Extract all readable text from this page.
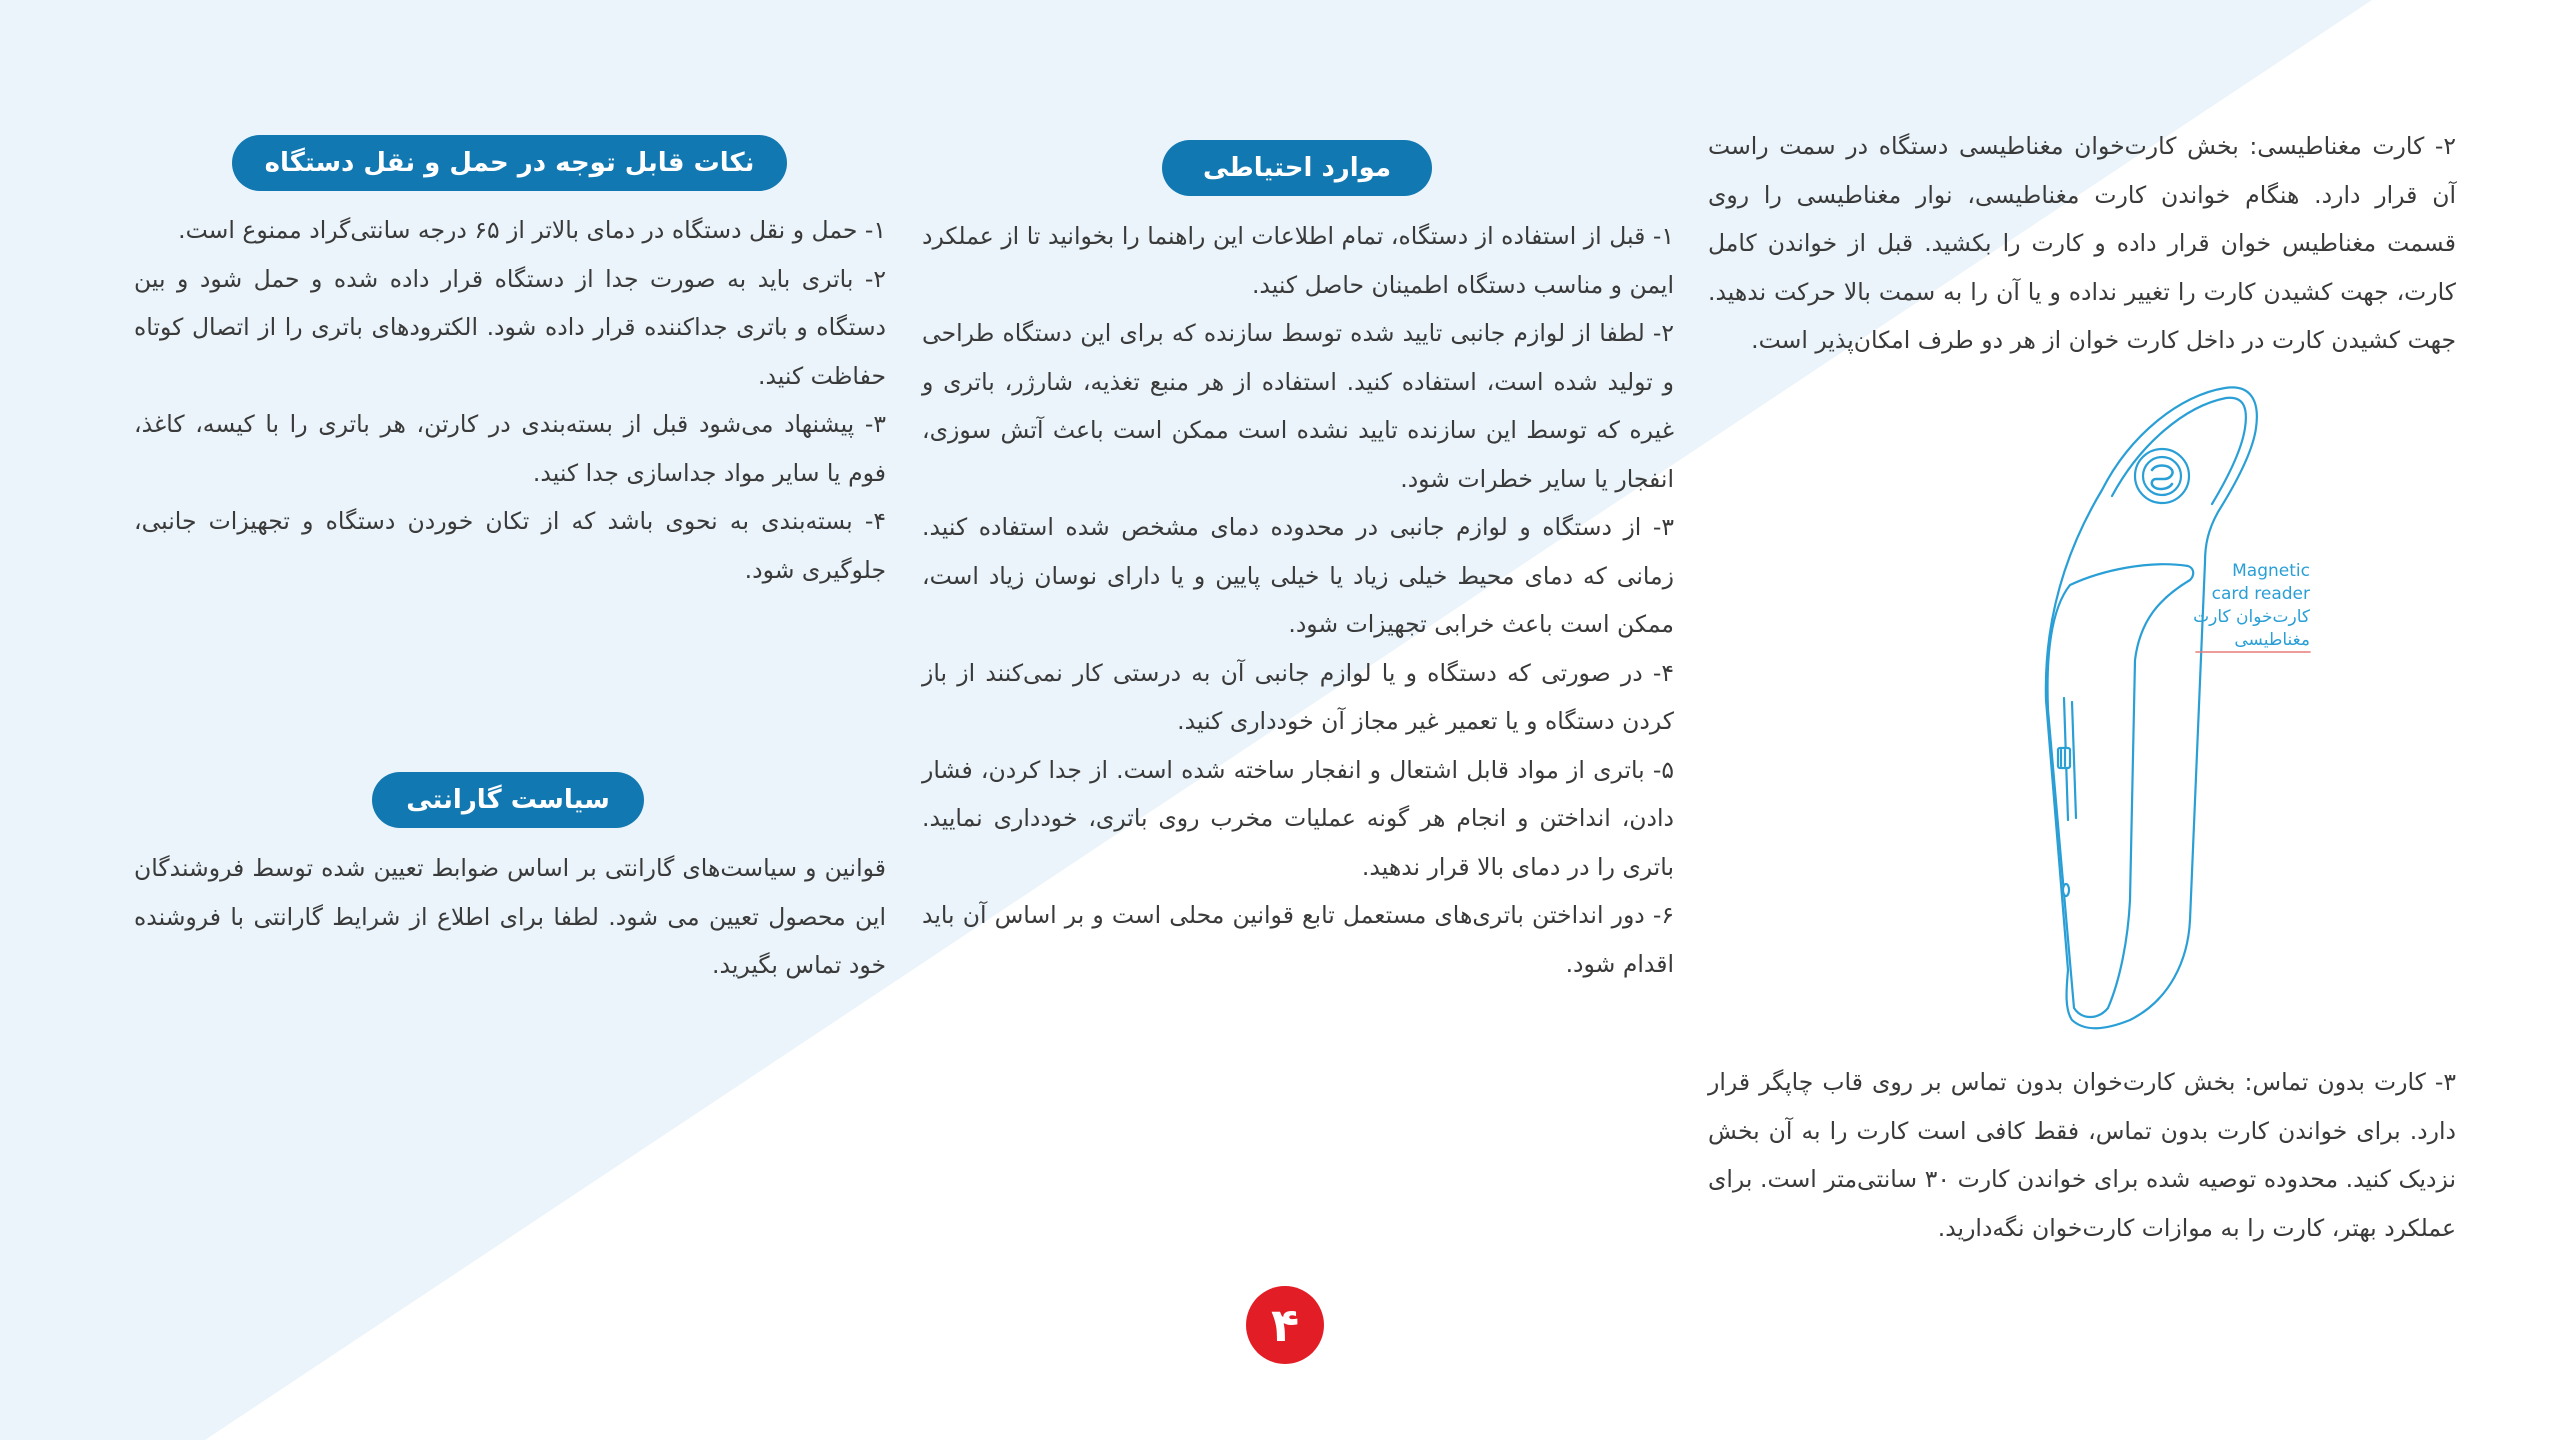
۲- کارت مغناطیسی: بخش کارت‌خوان مغناطیسی دستگاه در سمت راست آن قرار دارد. هنگام خواندن کارت مغناطیسی، نوار مغناطیسی را روی قسمت مغناطیس خوان قرار داده و کارت را بکشید. قبل از خواندن کامل کارت، جهت کشیدن کارت را تغییر نداده و یا آن را به سمت بالا حرکت ندهید. جهت کشیدن کارت در داخل کارت خوان از هر دو طرف امکان‌پذیر است.

Magnetic
card reader
کارت‌خوان کارت
مغناطیسی

۳- کارت بدون تماس: بخش کارت‌خوان بدون تماس بر روی قاب چاپگر قرار دارد. برای خواندن کارت بدون تماس، فقط کافی است کارت را به آن بخش نزدیک کنید. محدوده توصیه شده برای خواندن کارت ۳۰ سانتی‌متر است. برای عملکرد بهتر، کارت را به موازات کارت‌خوان نگه‌دارید.

موارد احتیاطی

۱- قبل از استفاده از دستگاه، تمام اطلاعات این راهنما را بخوانید تا از عملکرد ایمن و مناسب دستگاه اطمینان حاصل کنید.

۲- لطفا از لوازم جانبی تایید شده توسط سازنده که برای این دستگاه طراحی و تولید شده است، استفاده کنید. استفاده از هر منبع تغذیه، شارژر، باتری و غیره که توسط این سازنده تایید نشده است ممکن است باعث آتش سوزی، انفجار یا سایر خطرات شود.

۳- از دستگاه و لوازم جانبی در محدوده دمای مشخص شده استفاده کنید. زمانی که دمای محیط خیلی زیاد یا خیلی پایین و یا دارای نوسان زیاد است، ممکن است باعث خرابی تجهیزات شود.

۴- در صورتی که دستگاه و یا لوازم جانبی آن به درستی کار نمی‌کنند از باز کردن دستگاه و یا تعمیر غیر مجاز آن خودداری کنید.

۵- باتری از مواد قابل اشتعال و انفجار ساخته شده است. از جدا کردن، فشار دادن، انداختن و انجام هر گونه عملیات مخرب روی باتری، خودداری نمایید. باتری را در دمای بالا قرار ندهید.

۶- دور انداختن باتری‌های مستعمل تابع قوانین محلی است و بر اساس آن باید اقدام شود.

نکات قابل توجه در حمل و نقل دستگاه

۱- حمل و نقل دستگاه در دمای بالاتر از ۶۵ درجه سانتی‌گراد ممنوع است.

۲- باتری باید به صورت جدا از دستگاه قرار داده شده و حمل شود و بین دستگاه و باتری جداکننده قرار داده شود. الکترودهای باتری را از اتصال کوتاه حفاظت کنید.

۳- پیشنهاد می‌شود قبل از بسته‌بندی در کارتن، هر باتری را با کیسه، کاغذ، فوم یا سایر مواد جداسازی جدا کنید.

۴- بسته‌بندی به نحوی باشد که از تکان خوردن دستگاه و تجهیزات جانبی، جلوگیری شود.

سیاست گارانتی

قوانین و سیاست‌های گارانتی بر اساس ضوابط تعیین شده توسط فروشندگان این محصول تعیین می شود. لطفا برای اطلاع از شرایط گارانتی با فروشنده خود تماس بگیرید.

۴
